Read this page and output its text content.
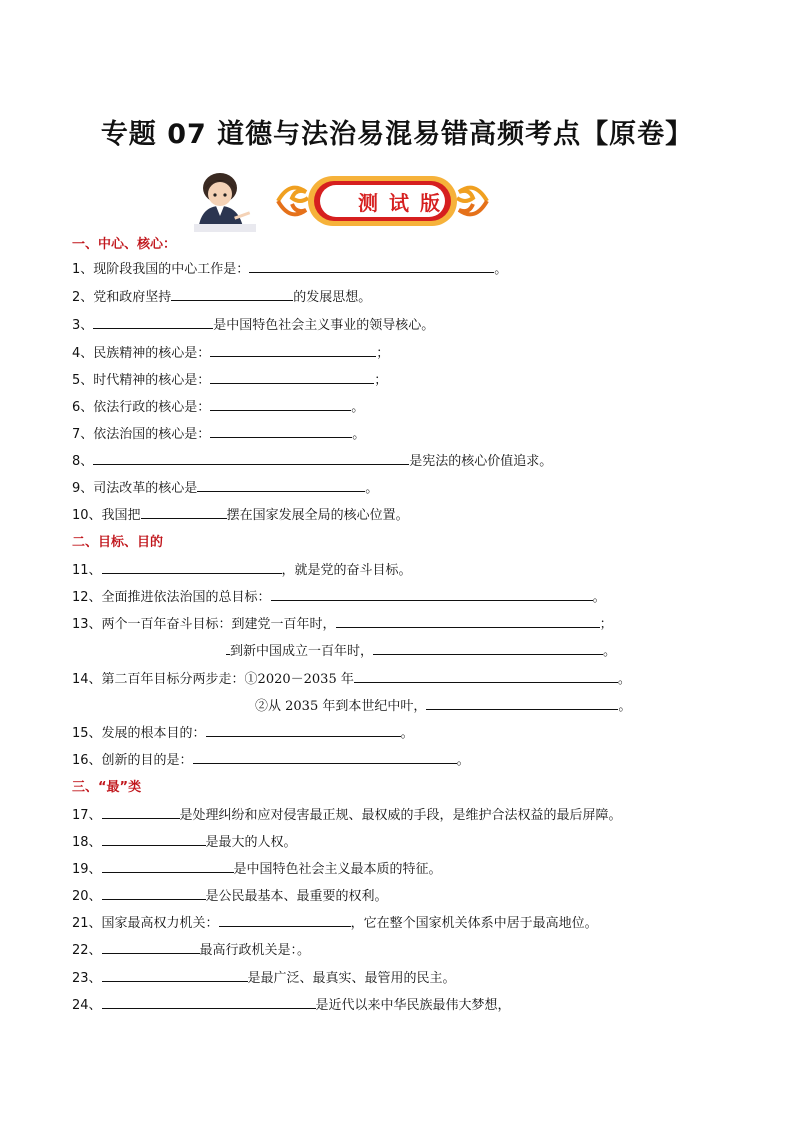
专题 07 道德与法治易混易错高频考点【原卷】
测 试 版
一、中心、核心：
1、现阶段我国的中心工作是：	。
2、党和政府坚持	的发展思想。
3、	是中国特色社会主义事业的领导核心。
4、民族精神的核心是：	；
5、时代精神的核心是：	；
6、依法行政的核心是：	。
7、依法治国的核心是：	。
8、	是宪法的核心价值追求。
9、司法改革的核心是	。
10、我国把	摆在国家发展全局的核心位置。
二、目标、目的
11、	，就是党的奋斗目标。
12、全面推进依法治国的总目标：	。
13、两个一百年奋斗目标：到建党一百年时，	；
到新中国成立一百年时，	。
14、第二百年目标分两步走：①2020－2035 年	。
②从 2035 年到本世纪中叶，	。
15、发展的根本目的：	。
16、创新的目的是：	。
三、“最”类
17、	是处理纠纷和应对侵害最正规、最权威的手段，是维护合法权益的最后屏障。
18、	是最大的人权。
19、	是中国特色社会主义最本质的特征。
20、	是公民最基本、最重要的权利。
21、国家最高权力机关：	，它在整个国家机关体系中居于最高地位。
22、	最高行政机关是：。
23、	是最广泛、最真实、最管用的民主。
24、	是近代以来中华民族最伟大梦想，
